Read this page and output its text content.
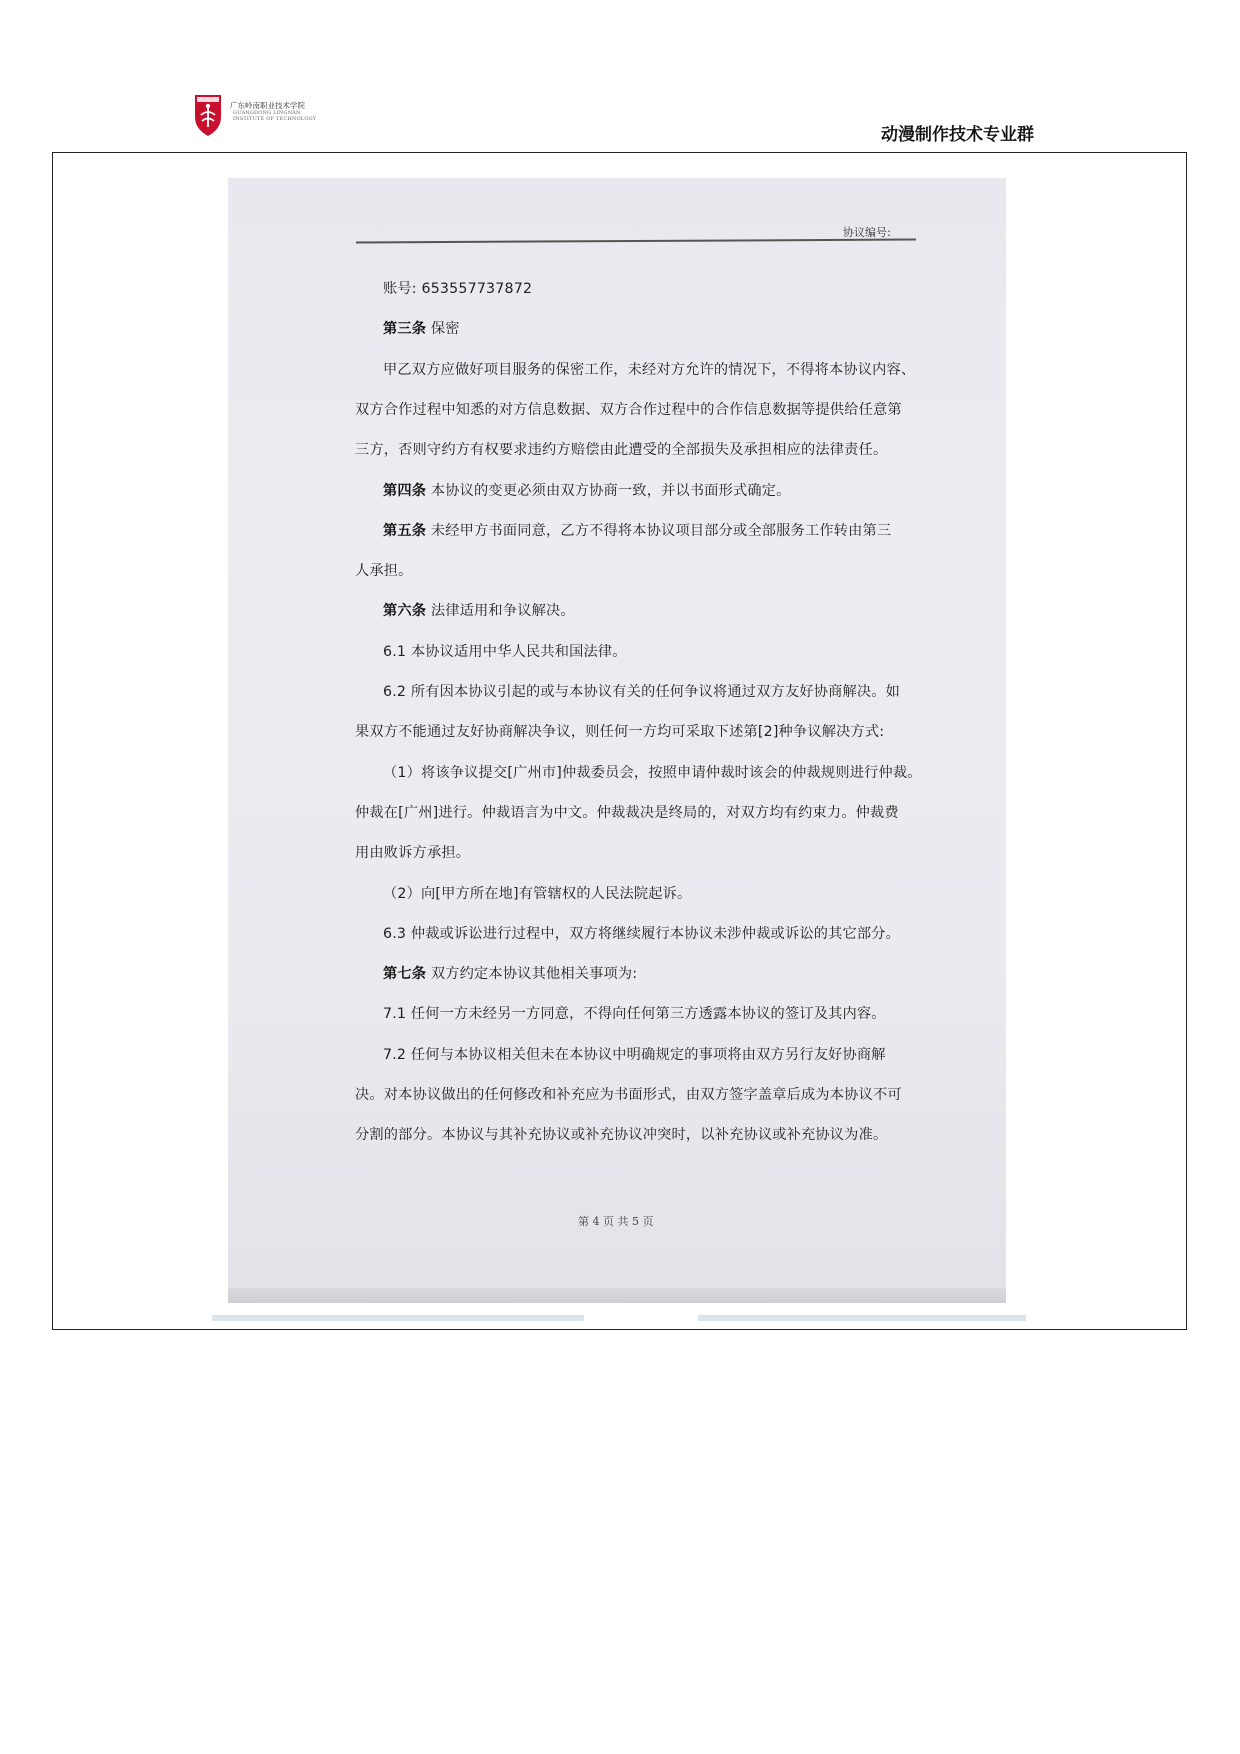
广东岭南职业技术学院
GUANGDONG LINGNAN
INSTITUTE OF TECHNOLOGY
动漫制作技术专业群
协议编号:
账号: 653557737872
第三条 保密
甲乙双方应做好项目服务的保密工作，未经对方允许的情况下，不得将本协议内容、
双方合作过程中知悉的对方信息数据、双方合作过程中的合作信息数据等提供给任意第
三方，否则守约方有权要求违约方赔偿由此遭受的全部损失及承担相应的法律责任。
第四条 本协议的变更必须由双方协商一致，并以书面形式确定。
第五条 未经甲方书面同意，乙方不得将本协议项目部分或全部服务工作转由第三
人承担。
第六条 法律适用和争议解决。
6.1 本协议适用中华人民共和国法律。
6.2 所有因本协议引起的或与本协议有关的任何争议将通过双方友好协商解决。如
果双方不能通过友好协商解决争议，则任何一方均可采取下述第[2]种争议解决方式:
（1）将该争议提交[广州市]仲裁委员会，按照申请仲裁时该会的仲裁规则进行仲裁。
仲裁在[广州]进行。仲裁语言为中文。仲裁裁决是终局的，对双方均有约束力。仲裁费
用由败诉方承担。
（2）向[甲方所在地]有管辖权的人民法院起诉。
6.3 仲裁或诉讼进行过程中，双方将继续履行本协议未涉仲裁或诉讼的其它部分。
第七条 双方约定本协议其他相关事项为:
7.1 任何一方未经另一方同意，不得向任何第三方透露本协议的签订及其内容。
7.2 任何与本协议相关但未在本协议中明确规定的事项将由双方另行友好协商解
决。对本协议做出的任何修改和补充应为书面形式，由双方签字盖章后成为本协议不可
分割的部分。本协议与其补充协议或补充协议冲突时，以补充协议或补充协议为准。
第 4 页 共 5 页
